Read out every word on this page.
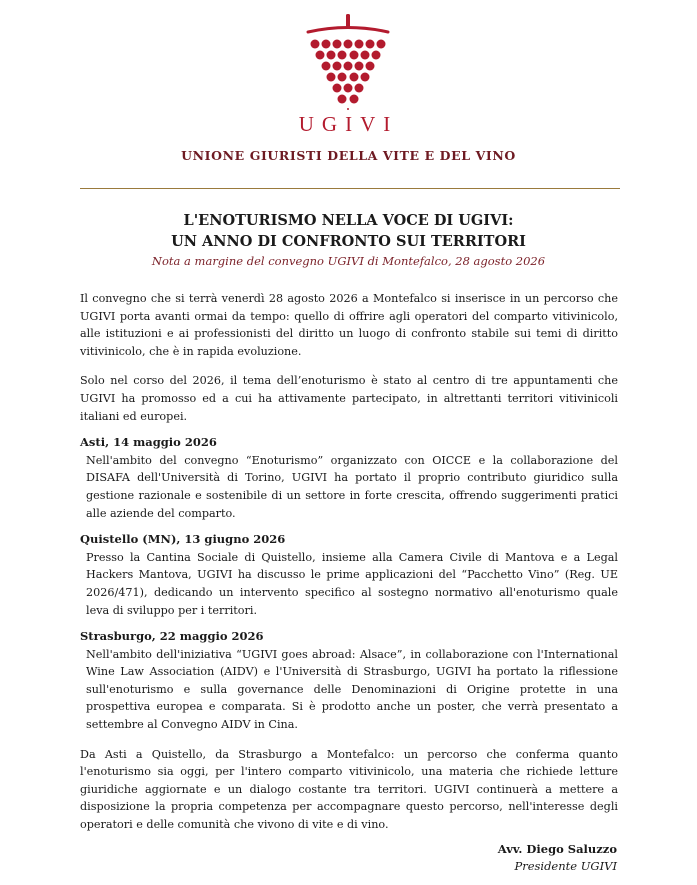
UGIVI
UNIONE GIURISTI DELLA VITE E DEL VINO
L'ENOTURISMO NELLA VOCE DI UGIVI:
UN ANNO DI CONFRONTO SUI TERRITORI
Nota a margine del convegno UGIVI di Montefalco, 28 agosto 2026

Il convegno che si terrà venerdì 28 agosto 2026 a Montefalco si inserisce in un percorso che UGIVI porta avanti ormai da tempo: quello di offrire agli operatori del comparto vitivinicolo, alle istituzioni e ai professionisti del diritto un luogo di confronto stabile sui temi di diritto vitivinicolo, che è in rapida evoluzione.

Solo nel corso del 2026, il tema dell’enoturismo è stato al centro di tre appuntamenti che UGIVI ha promosso ed a cui ha attivamente partecipato, in altrettanti territori vitivinicoli italiani ed europei.

Asti, 14 maggio 2026

Nell'ambito del convegno “Enoturismo” organizzato con OICCE e la collaborazione del DISAFA dell'Università di Torino, UGIVI ha portato il proprio contributo giuridico sulla gestione razionale e sostenibile di un settore in forte crescita, offrendo suggerimenti pratici alle aziende del comparto.

Quistello (MN), 13 giugno 2026

Presso la Cantina Sociale di Quistello, insieme alla Camera Civile di Mantova e a Legal Hackers Mantova, UGIVI ha discusso le prime applicazioni del “Pacchetto Vino” (Reg. UE 2026/471), dedicando un intervento specifico al sostegno normativo all'enoturismo quale leva di sviluppo per i territori.

Strasburgo, 22 maggio 2026

Nell'ambito dell'iniziativa “UGIVI goes abroad: Alsace”, in collaborazione con l'International Wine Law Association (AIDV) e l'Università di Strasburgo, UGIVI ha portato la riflessione sull'enoturismo e sulla governance delle Denominazioni di Origine protette in una prospettiva europea e comparata. Si è prodotto anche un poster, che verrà presentato a settembre al Convegno AIDV in Cina.

Da Asti a Quistello, da Strasburgo a Montefalco: un percorso che conferma quanto l'enoturismo sia oggi, per l'intero comparto vitivinicolo, una materia che richiede letture giuridiche aggiornate e un dialogo costante tra territori. UGIVI continuerà a mettere a disposizione la propria competenza per accompagnare questo percorso, nell'interesse degli operatori e delle comunità che vivono di vite e di vino.

Avv. Diego Saluzzo
Presidente UGIVI
